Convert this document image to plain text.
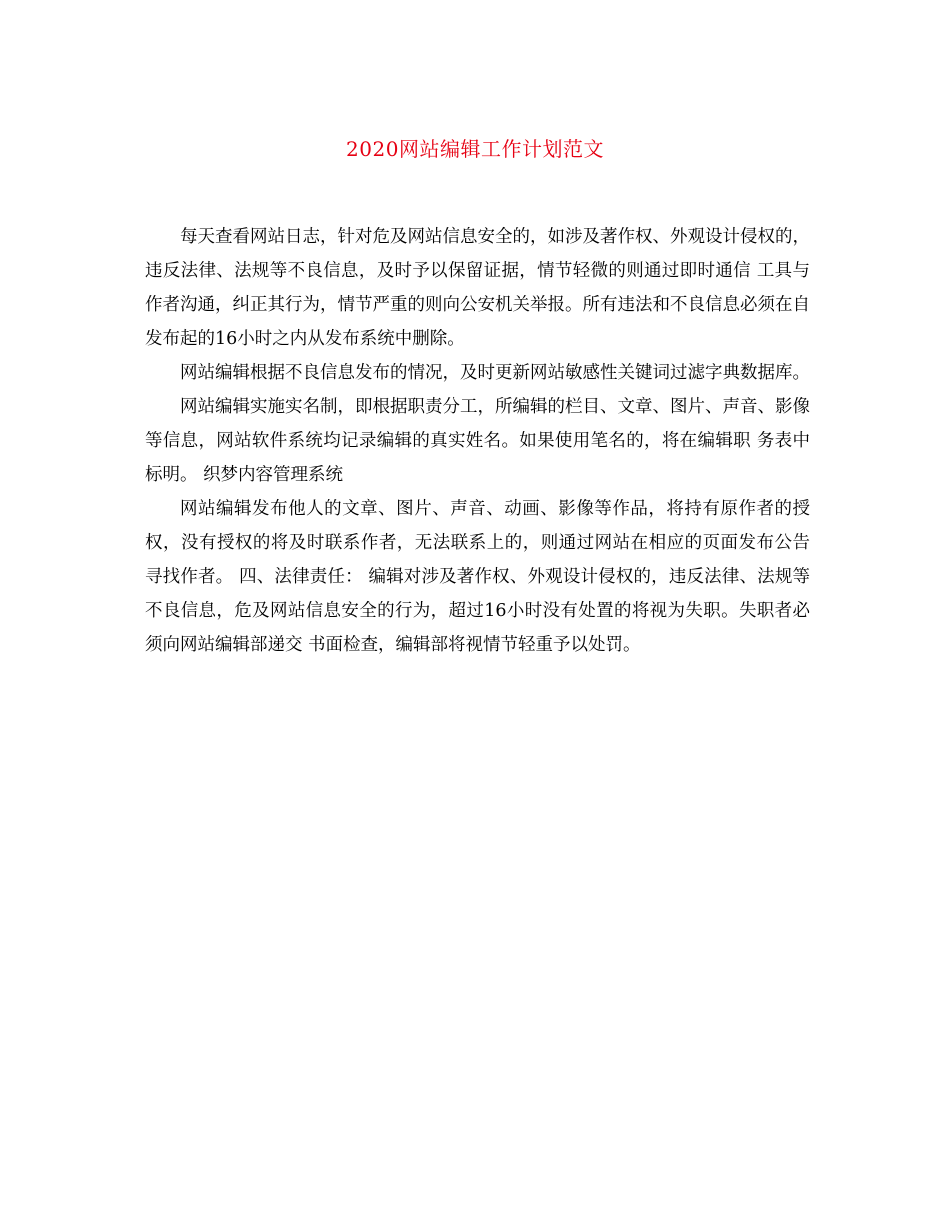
2020网站编辑工作计划范文

每天查看网站日志，针对危及网站信息安全的，如涉及著作权、外观设计侵权的，违反法律、法规等不良信息，及时予以保留证据，情节轻微的则通过即时通信 工具与作者沟通，纠正其行为，情节严重的则向公安机关举报。所有违法和不良信息必须在自发布起的16小时之内从发布系统中删除。

网站编辑根据不良信息发布的情况，及时更新网站敏感性关键词过滤字典数据库。

网站编辑实施实名制，即根据职责分工，所编辑的栏目、文章、图片、声音、影像等信息，网站软件系统均记录编辑的真实姓名。如果使用笔名的，将在编辑职 务表中标明。 织梦内容管理系统

网站编辑发布他人的文章、图片、声音、动画、影像等作品，将持有原作者的授权，没有授权的将及时联系作者，无法联系上的，则通过网站在相应的页面发布公告 寻找作者。 四、法律责任： 编辑对涉及著作权、外观设计侵权的，违反法律、法规等不良信息，危及网站信息安全的行为，超过16小时没有处置的将视为失职。失职者必须向网站编辑部递交 书面检查，编辑部将视情节轻重予以处罚。
